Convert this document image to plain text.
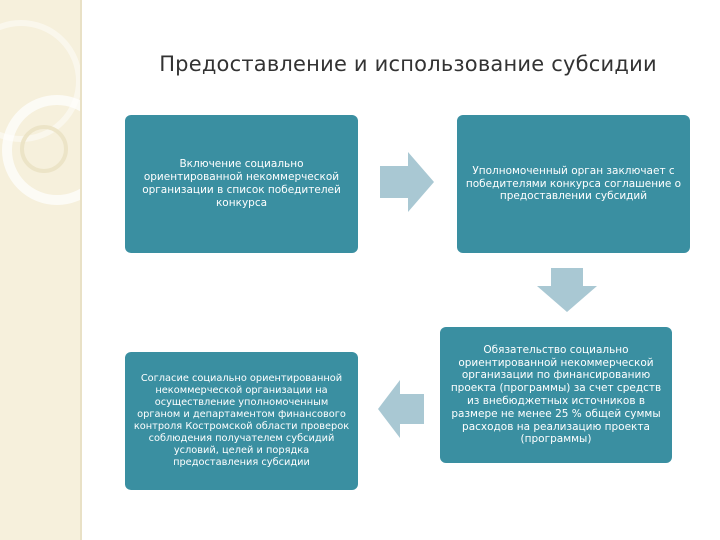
Предоставление и использование субсидии
Включение социально ориентированной некоммерческой организации в список победителей конкурса
Уполномоченный орган заключает с победителями конкурса соглашение о предоставлении субсидий
Обязательство социально ориентированной некоммерческой организации по финансированию проекта (программы) за счет средств из внебюджетных источников в размере не менее 25 % общей суммы расходов на реализацию проекта (программы)
Согласие социально ориентированной некоммерческой организации на осуществление уполномоченным органом и департаментом финансового контроля Костромской области проверок соблюдения получателем субсидий условий, целей и порядка предоставления субсидии
